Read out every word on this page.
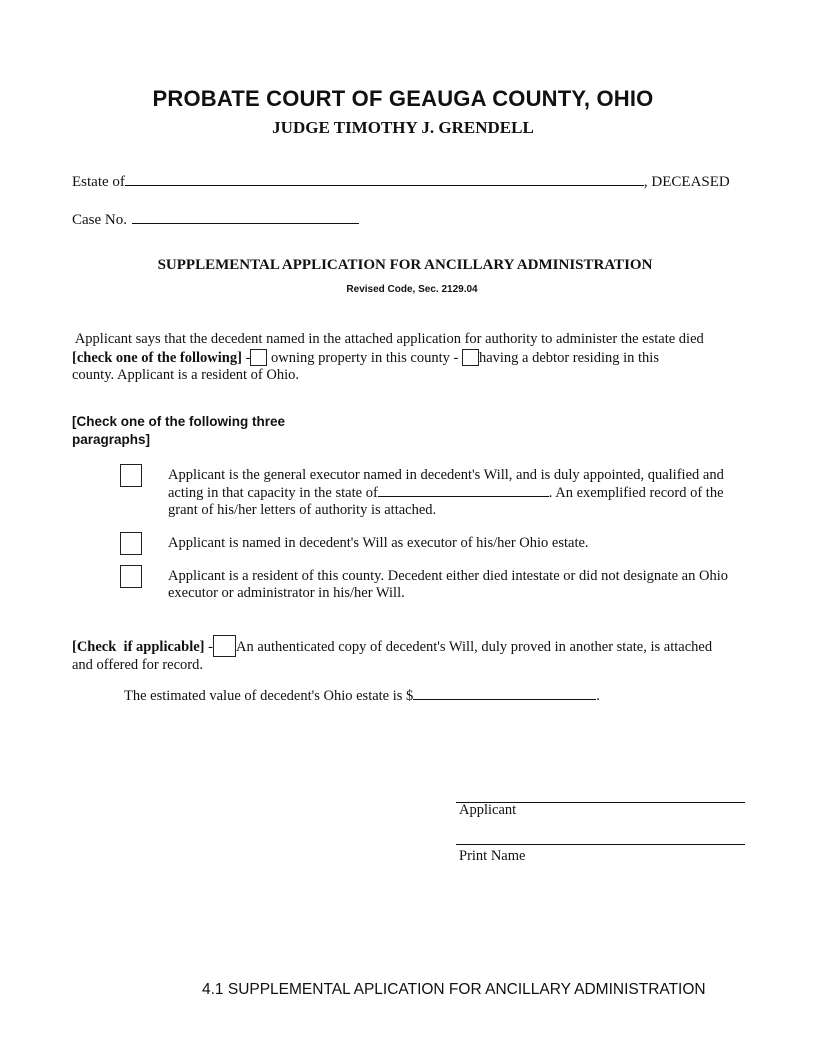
PROBATE COURT OF GEAUGA COUNTY, OHIO
JUDGE TIMOTHY J. GRENDELL
Estate of	, DECEASED
Case No.
SUPPLEMENTAL APPLICATION FOR ANCILLARY ADMINISTRATION
Revised Code, Sec. 2129.04
Applicant says that the decedent named in the attached application for authority to administer the estate died
[check one of the following] - owning property in this county - having a debtor residing in this
county. Applicant is a resident of Ohio.
[Check one of the following three paragraphs]
Applicant is the general executor named in decedent's Will, and is duly appointed, qualified and acting in that capacity in the state of	. An exemplified record of the grant of his/her letters of authority is attached.
Applicant is named in decedent's Will as executor of his/her Ohio estate.
Applicant is a resident of this county. Decedent either died intestate or did not designate an Ohio executor or administrator in his/her Will.
[Check  if applicable] - An authenticated copy of decedent's Will, duly proved in another state, is attached
and offered for record.
The estimated value of decedent's Ohio estate is $	.
Applicant
Print Name
4.1 SUPPLEMENTAL APLICATION FOR ANCILLARY ADMINISTRATION
